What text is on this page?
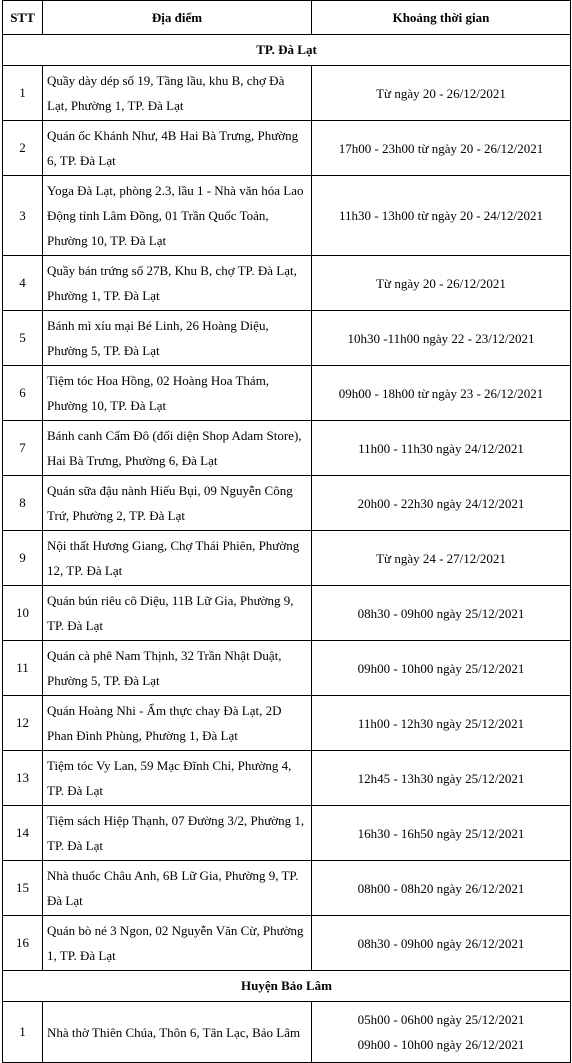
STT	Địa điểm	Khoảng thời gian
TP. Đà Lạt		
1	Quầy dày dép số 19, Tầng lầu, khu B, chợ Đà Lạt, Phường 1, TP. Đà Lạt	Từ ngày 20 - 26/12/2021

2	Quán ốc Khánh Như, 4B Hai Bà Trưng, Phường 6, TP. Đà Lạt	17h00 - 23h00 từ ngày 20 - 26/12/2021

3	Yoga Đà Lạt, phòng 2.3, lầu 1 - Nhà văn hóa Lao Động tỉnh Lâm Đồng, 01 Trần Quốc Toản, Phường 10, TP. Đà Lạt	11h30 - 13h00 từ ngày 20 - 24/12/2021

4	Quầy bán trứng số 27B, Khu B, chợ TP. Đà Lạt, Phường 1, TP. Đà Lạt	Từ ngày 20 - 26/12/2021

5	Bánh mì xíu mại Bé Linh, 26 Hoàng Diệu, Phường 5, TP. Đà Lạt	10h30 -11h00 ngày 22 - 23/12/2021

6	Tiệm tóc Hoa Hồng, 02 Hoàng Hoa Thám, Phường 10, TP. Đà Lạt	09h00 - 18h00 từ ngày 23 - 26/12/2021

7	Bánh canh Cẩm Đô (đối diện Shop Adam Store), Hai Bà Trưng, Phường 6, Đà Lạt	11h00 - 11h30 ngày 24/12/2021

8	Quán sữa đậu nành Hiếu Bụi, 09 Nguyễn Công Trứ, Phường 2, TP. Đà Lạt	20h00 - 22h30 ngày 24/12/2021

9	Nội thất Hương Giang, Chợ Thái Phiên, Phường 12, TP. Đà Lạt	Từ ngày 24 - 27/12/2021

10	Quán bún riêu cô Diệu, 11B Lữ Gia, Phường 9, TP. Đà Lạt	08h30 - 09h00 ngày 25/12/2021

11	Quán cà phê Nam Thịnh, 32 Trần Nhật Duật, Phường 5, TP. Đà Lạt	09h00 - 10h00 ngày 25/12/2021

12	Quán Hoàng Nhi - Ẩm thực chay Đà Lạt, 2D Phan Đình Phùng, Phường 1, Đà Lạt	11h00 - 12h30 ngày 25/12/2021

13	Tiệm tóc Vy Lan, 59 Mạc Đĩnh Chi, Phường 4, TP. Đà Lạt	12h45 - 13h30 ngày 25/12/2021

14	Tiệm sách Hiệp Thạnh, 07 Đường 3/2, Phường 1, TP. Đà Lạt	16h30 - 16h50 ngày 25/12/2021

15	Nhà thuốc Châu Anh, 6B Lữ Gia, Phường 9, TP. Đà Lạt	08h00 - 08h20 ngày 26/12/2021

16	Quán bò né 3 Ngon, 02 Nguyễn Văn Cừ, Phường 1, TP. Đà Lạt	08h30 - 09h00 ngày 26/12/2021

Huyện Bảo Lâm		
1	Nhà thờ Thiên Chúa, Thôn 6, Tân Lạc, Bảo Lâm	05h00 - 06h00 ngày 25/12/2021
09h00 - 10h00 ngày 26/12/2021
